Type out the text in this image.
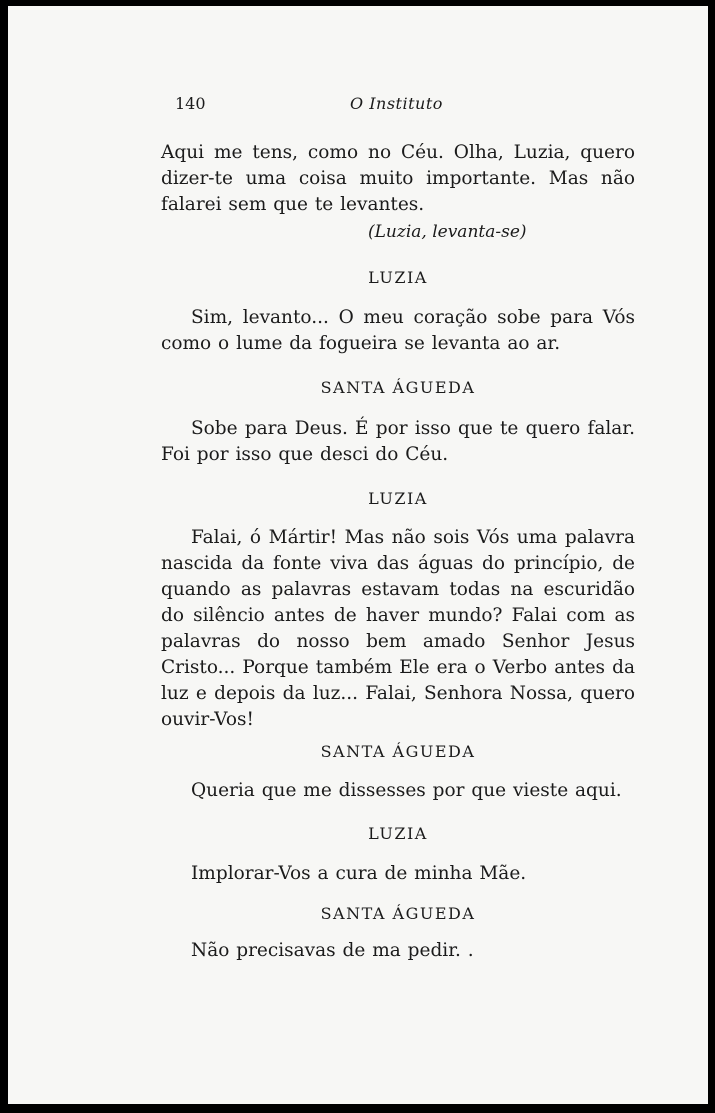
140	O Instituto
Aqui me tens, como no Céu. Olha, Luzia, quero dizer-te uma coisa muito importante. Mas não falarei sem que te levantes.
(Luzia, levanta-se)
LUZIA
Sim, levanto... O meu coração sobe para Vós como o lume da fogueira se levanta ao ar.
SANTA ÁGUEDA
Sobe para Deus. É por isso que te quero falar. Foi por isso que desci do Céu.
LUZIA
Falai, ó Mártir! Mas não sois Vós uma palavra nascida da fonte viva das águas do princípio, de quando as palavras estavam todas na escuridão do silêncio antes de haver mundo? Falai com as palavras do nosso bem amado Senhor Jesus Cristo... Porque também Ele era o Verbo antes da luz e depois da luz... Falai, Senhora Nossa, quero ouvir-Vos!
SANTA ÁGUEDA
Queria que me dissesses por que vieste aqui.
LUZIA
Implorar-Vos a cura de minha Mãe.
SANTA ÁGUEDA
Não precisavas de ma pedir. .
